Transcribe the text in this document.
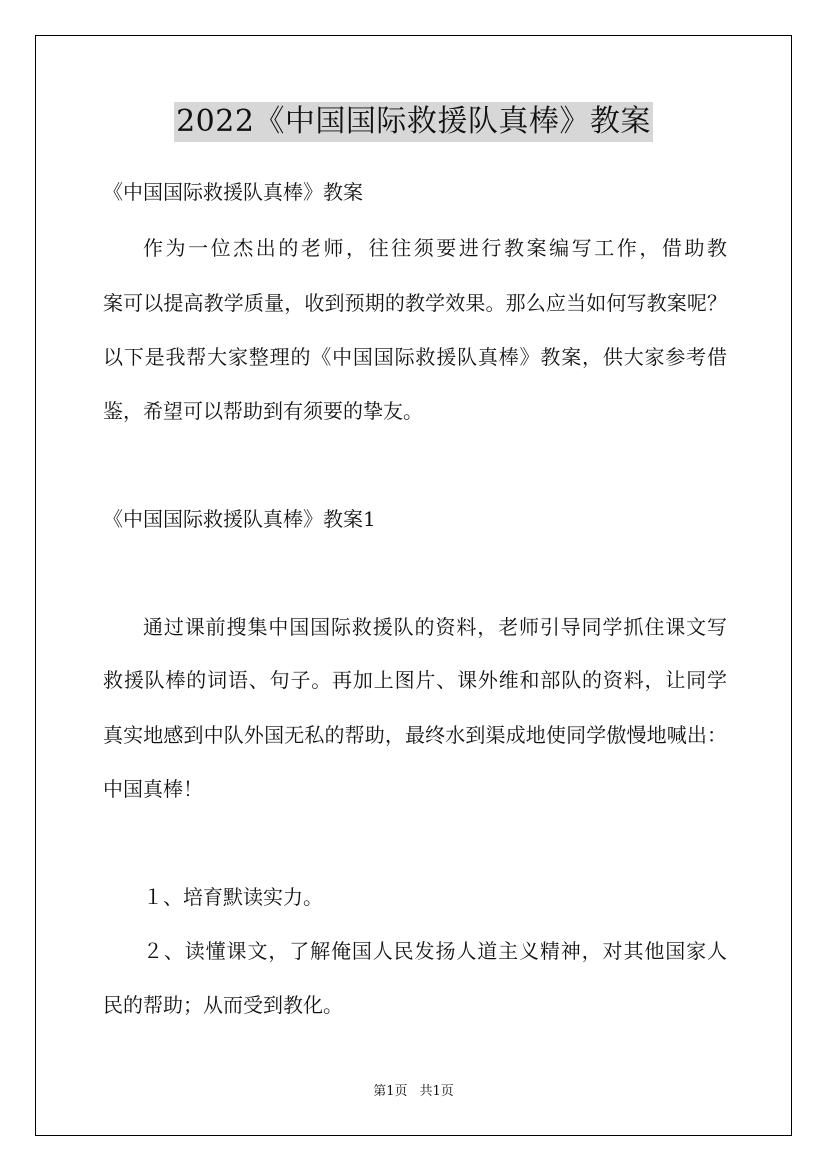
2022《中国国际救援队真棒》教案
《中国国际救援队真棒》教案
作为一位杰出的老师，往往须要进行教案编写工作，借助教
案可以提高教学质量，收到预期的教学效果。那么应当如何写教案呢？
以下是我帮大家整理的《中国国际救援队真棒》教案，供大家参考借
鉴，希望可以帮助到有须要的挚友。
《中国国际救援队真棒》教案1
通过课前搜集中国国际救援队的资料，老师引导同学抓住课文写
救援队棒的词语、句子。再加上图片、课外维和部队的资料，让同学
真实地感到中队外国无私的帮助，最终水到渠成地使同学傲慢地喊出：
中国真棒！
１、培育默读实力。
２、读懂课文，了解俺国人民发扬人道主义精神，对其他国家人
民的帮助；从而受到教化。
第1页 共1页
